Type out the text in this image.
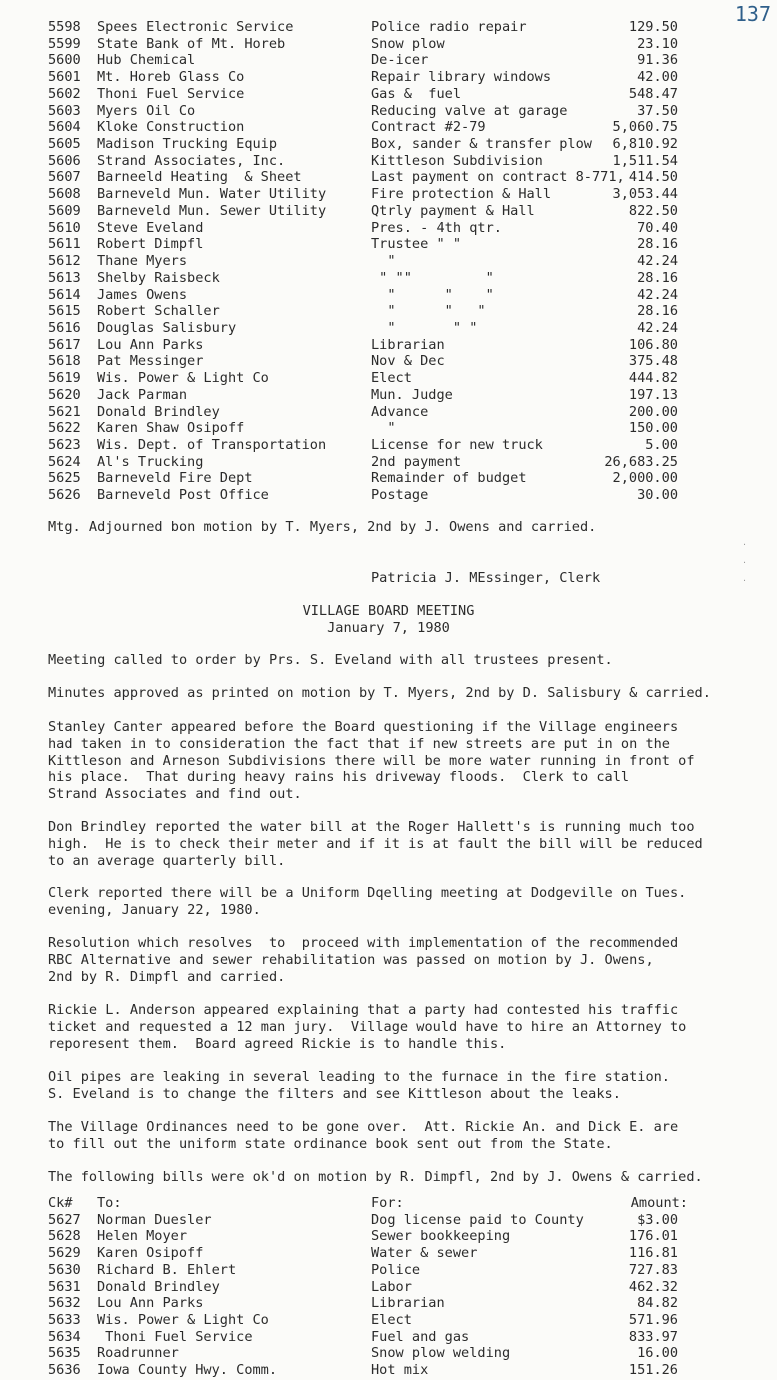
137
5598 Spees Electronic Service	Police radio repair	129.50
5599 State Bank of Mt. Horeb	Snow plow	23.10
5600 Hub Chemical	De-icer	91.36
5601 Mt. Horeb Glass Co	Repair library windows	42.00
5602 Thoni Fuel Service	Gas &  fuel	548.47
5603 Myers Oil Co	Reducing valve at garage	37.50
5604 Kloke Construction	Contract #2-79	5,060.75
5605 Madison Trucking Equip	Box, sander & transfer plow 6,810.92
5606 Strand Associates, Inc.	Kittleson Subdivision	1,511.54
5607 Barneeld Heating  & Sheet	Last payment on contract 8-771, 414.50
5608 Barneveld Mun. Water Utility	Fire protection & Hall	3,053.44
5609 Barneveld Mun. Sewer Utility	Qtrly payment & Hall	822.50
5610 Steve Eveland	Pres. - 4th qtr.	70.40
5611 Robert Dimpfl	Trustee " "	28.16
5612 Thane Myers	"	42.24
5613 Shelby Raisbeck	" ""         "	28.16
5614 James Owens	"      "    "	42.24
5615 Robert Schaller	"      "   "	28.16
5616 Douglas Salisbury	"       " "	42.24
5617 Lou Ann Parks	Librarian	106.80
5618 Pat Messinger	Nov & Dec	375.48
5619 Wis. Power & Light Co	Elect	444.82
5620 Jack Parman	Mun. Judge	197.13
5621 Donald Brindley	Advance	200.00
5622 Karen Shaw Osipoff	"	150.00
5623 Wis. Dept. of Transportation	License for new truck	5.00
5624 Al's Trucking	2nd payment	26,683.25
5625 Barneveld Fire Dept	Remainder of budget	2,000.00
5626 Barneveld Post Office	Postage	30.00
Mtg. Adjourned bon motion by T. Myers, 2nd by J. Owens and carried.
Patricia J. MEssinger, Clerk
VILLAGE BOARD MEETING
January 7, 1980
Meeting called to order by Prs. S. Eveland with all trustees present.
Minutes approved as printed on motion by T. Myers, 2nd by D. Salisbury & carried.
Stanley Canter appeared before the Board questioning if the Village engineers
had taken in to consideration the fact that if new streets are put in on the
Kittleson and Arneson Subdivisions there will be more water running in front of
his place.  That during heavy rains his driveway floods.  Clerk to call
Strand Associates and find out.
Don Brindley reported the water bill at the Roger Hallett's is running much too
high.  He is to check their meter and if it is at fault the bill will be reduced
to an average quarterly bill.
Clerk reported there will be a Uniform Dqelling meeting at Dodgeville on Tues.
evening, January 22, 1980.
Resolution which resolves  to  proceed with implementation of the recommended
RBC Alternative and sewer rehabilitation was passed on motion by J. Owens,
2nd by R. Dimpfl and carried.
Rickie L. Anderson appeared explaining that a party had contested his traffic
ticket and requested a 12 man jury.  Village would have to hire an Attorney to
reporesent them.  Board agreed Rickie is to handle this.
Oil pipes are leaking in several leading to the furnace in the fire station.
S. Eveland is to change the filters and see Kittleson about the leaks.
The Village Ordinances need to be gone over.  Att. Rickie An. and Dick E. are
to fill out the uniform state ordinance book sent out from the State.
The following bills were ok'd on motion by R. Dimpfl, 2nd by J. Owens & carried.
Ck# To:	For:	Amount:
5627 Norman Duesler	Dog license paid to County	$3.00
5628 Helen Moyer	Sewer bookkeeping	176.01
5629 Karen Osipoff	Water & sewer	116.81
5630 Richard B. Ehlert	Police	727.83
5631 Donald Brindley	Labor	462.32
5632 Lou Ann Parks	Librarian	84.82
5633 Wis. Power & Light Co	Elect	571.96
5634 Thoni Fuel Service	Fuel and gas	833.97
5635 Roadrunner	Snow plow welding	16.00
5636 Iowa County Hwy. Comm.	Hot mix	151.26
·

·

·
